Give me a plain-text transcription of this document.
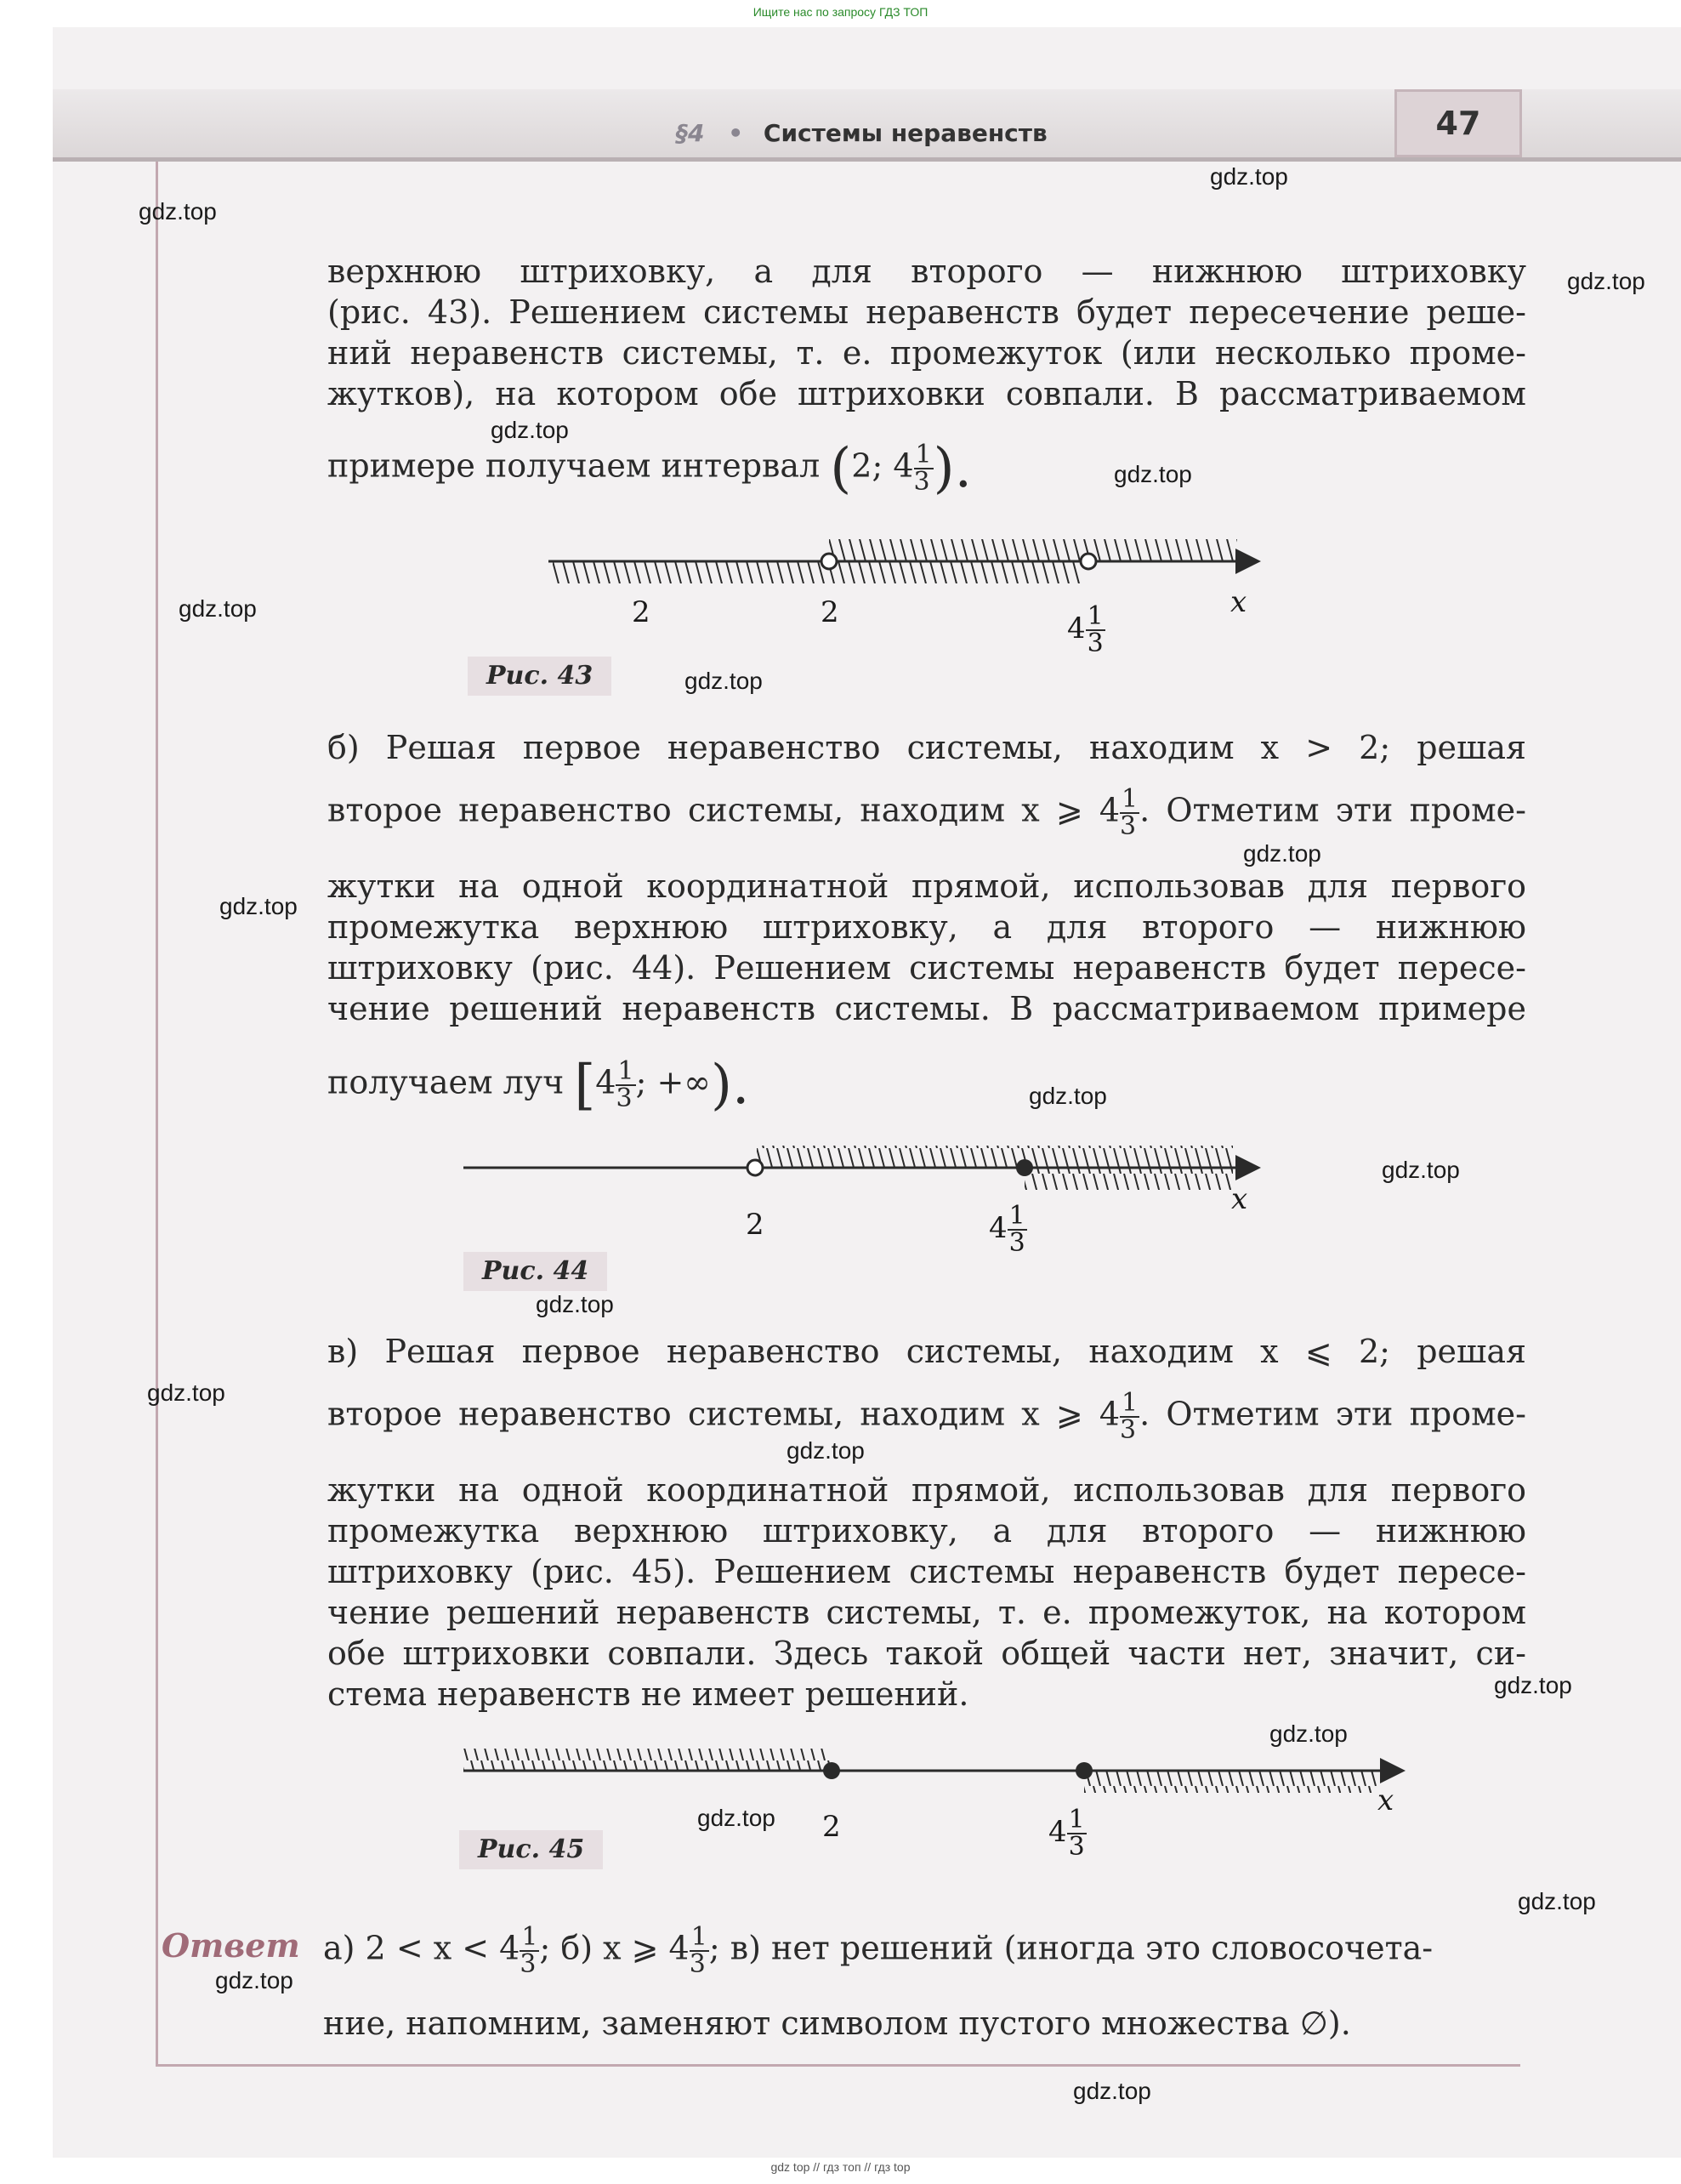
Ищите нас по запросу ГДЗ ТОП
§4 • Системы неравенств	47
gdz.top
gdz.top
gdz.top
gdz.top
gdz.top
gdz.top
gdz.top
gdz.top
gdz.top
gdz.top
gdz.top
gdz.top
gdz.top
gdz.top
gdz.top
gdz.top
gdz.top
gdz.top
gdz.top
gdz.top
верхнюю штриховку, а для второго — нижнюю штриховку
(рис. 43). Решением системы неравенств будет пересечение реше-
ний неравенств системы, т. е. промежуток (или несколько проме-
жутков), на котором обе штриховки совпали. В рассматриваемом
примере получаем интервал (2; $4 \frac{1}{3}$ ).
2	2	$4 \frac{1}{3}$
x
Рис. 43
б) Решая первое неравенство системы, находим x > 2; решая
второе неравенство системы, находим x ⩾ $4 \frac{1}{3}$ . Отметим эти проме-
жутки на одной координатной прямой, использовав для первого
промежутка верхнюю штриховку, а для второго — нижнюю
штриховку (рис. 44). Решением системы неравенств будет пересе-
чение решений неравенств системы. В рассматриваемом примере
получаем луч [$4 \frac{1}{3}$ ; +∞).
2	$4 \frac{1}{3}$
x
Рис. 44
в) Решая первое неравенство системы, находим x ⩽ 2; решая
второе неравенство системы, находим x ⩾ $4 \frac{1}{3}$ . Отметим эти проме-
жутки на одной координатной прямой, использовав для первого
промежутка верхнюю штриховку, а для второго — нижнюю
штриховку (рис. 45). Решением системы неравенств будет пересе-
чение решений неравенств системы, т. е. промежуток, на котором
обе штриховки совпали. Здесь такой общей части нет, значит, си-
стема неравенств не имеет решений.
2	$4 \frac{1}{3}$
x
Рис. 45
Ответ а) $2 < x < 4 \frac{1}{3}$ ; б) x ⩾ $4 \frac{1}{3}$ ; в) нет решений (иногда это словосочета-
ние, напомним, заменяют символом пустого множества ∅).
gdz top // гдз топ // гдз top
